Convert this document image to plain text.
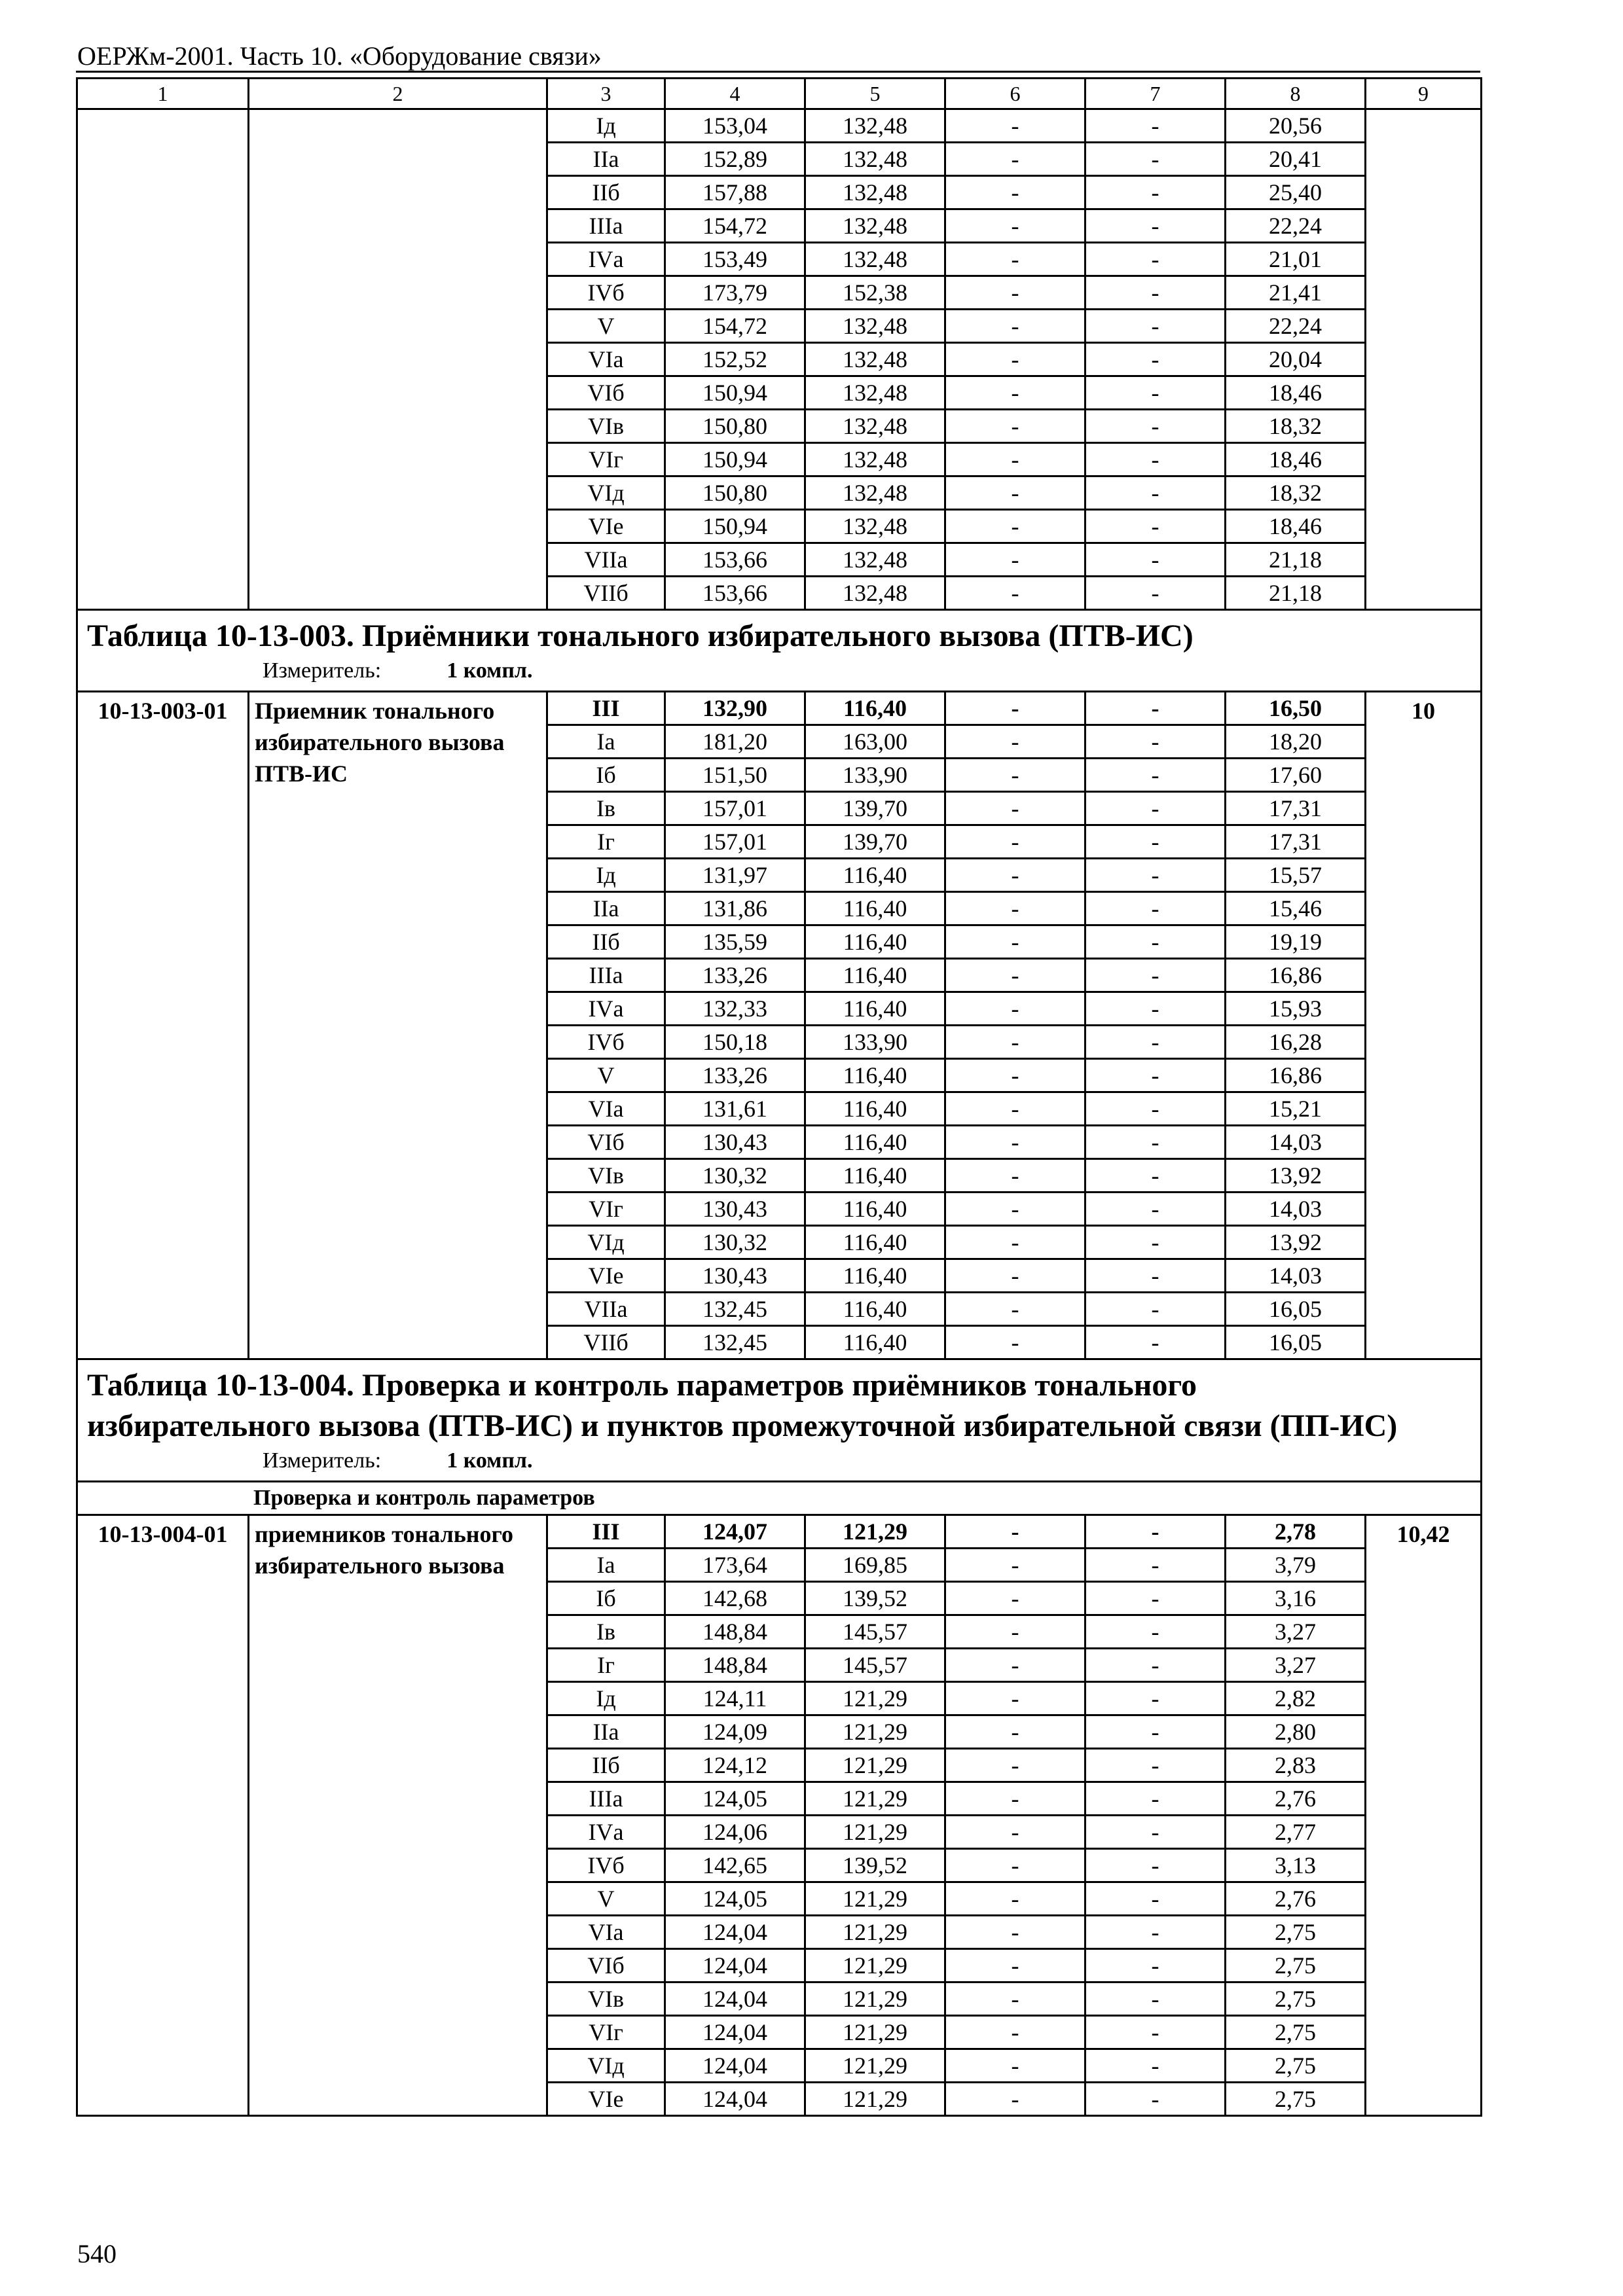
ОЕРЖм-2001. Часть 10. «Оборудование связи»
1	2	3	4	5	6	7	8	9
		Iд	153,04	132,48	-	-	20,56	
		IIа	152,89	132,48	-	-	20,41	
		IIб	157,88	132,48	-	-	25,40	
		IIIа	154,72	132,48	-	-	22,24	
		IVа	153,49	132,48	-	-	21,01	
		IVб	173,79	152,38	-	-	21,41	
		V	154,72	132,48	-	-	22,24	
		VIа	152,52	132,48	-	-	20,04	
		VIб	150,94	132,48	-	-	18,46	
		VIв	150,80	132,48	-	-	18,32	
		VIг	150,94	132,48	-	-	18,46	
		VIд	150,80	132,48	-	-	18,32	
		VIе	150,94	132,48	-	-	18,46	
		VIIа	153,66	132,48	-	-	21,18	
		VIIб	153,66	132,48	-	-	21,18	

Таблица 10-13-003. Приёмники тонального избирательного вызова (ПТВ-ИС)
Измеритель: 1 компл.								

10-13-003-01	Приемник тонального избирательного вызова ПТВ-ИС	III	132,90	116,40	-	-	16,50	10
		Iа	181,20	163,00	-	-	18,20	
		Iб	151,50	133,90	-	-	17,60	
		Iв	157,01	139,70	-	-	17,31	
		Iг	157,01	139,70	-	-	17,31	
		Iд	131,97	116,40	-	-	15,57	
		IIа	131,86	116,40	-	-	15,46	
		IIб	135,59	116,40	-	-	19,19	
		IIIа	133,26	116,40	-	-	16,86	
		IVа	132,33	116,40	-	-	15,93	
		IVб	150,18	133,90	-	-	16,28	
		V	133,26	116,40	-	-	16,86	
		VIа	131,61	116,40	-	-	15,21	
		VIб	130,43	116,40	-	-	14,03	
		VIв	130,32	116,40	-	-	13,92	
		VIг	130,43	116,40	-	-	14,03	
		VIд	130,32	116,40	-	-	13,92	
		VIе	130,43	116,40	-	-	14,03	
		VIIа	132,45	116,40	-	-	16,05	
		VIIб	132,45	116,40	-	-	16,05	

Таблица 10-13-004. Проверка и контроль параметров приёмников тонального
избирательного вызова (ПТВ-ИС) и пунктов промежуточной избирательной связи (ПП-ИС)
Измеритель: 1 компл.								

Проверка и контроль параметров								
10-13-004-01	приемников тонального избирательного вызова	III	124,07	121,29	-	-	2,78	10,42
		Iа	173,64	169,85	-	-	3,79	
		Iб	142,68	139,52	-	-	3,16	
		Iв	148,84	145,57	-	-	3,27	
		Iг	148,84	145,57	-	-	3,27	
		Iд	124,11	121,29	-	-	2,82	
		IIа	124,09	121,29	-	-	2,80	
		IIб	124,12	121,29	-	-	2,83	
		IIIа	124,05	121,29	-	-	2,76	
		IVа	124,06	121,29	-	-	2,77	
		IVб	142,65	139,52	-	-	3,13	
		V	124,05	121,29	-	-	2,76	
		VIа	124,04	121,29	-	-	2,75	
		VIб	124,04	121,29	-	-	2,75	
		VIв	124,04	121,29	-	-	2,75	
		VIг	124,04	121,29	-	-	2,75	
		VIд	124,04	121,29	-	-	2,75	
		VIе	124,04	121,29	-	-	2,75	
540
